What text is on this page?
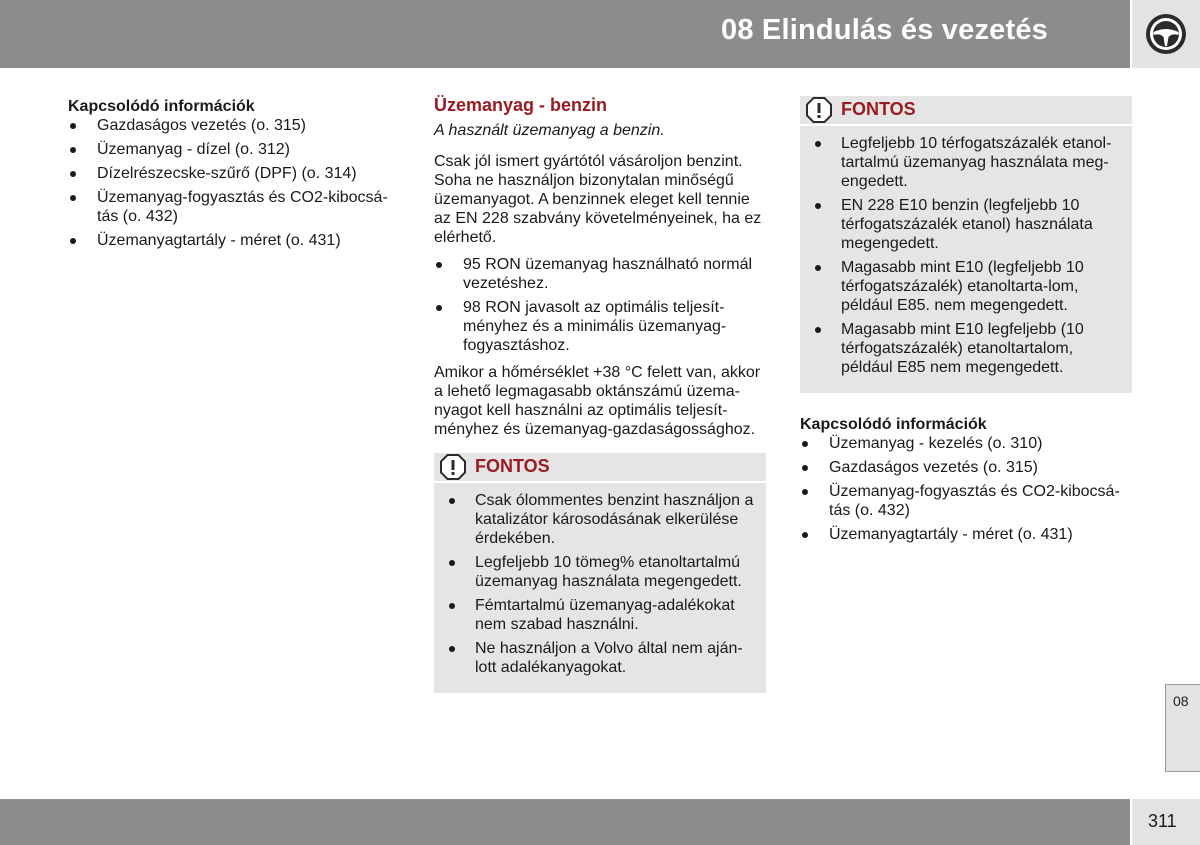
08 Elindulás és vezetés

Kapcsolódó információk

Gazdaságos vezetés (o. 315)
Üzemanyag - dízel (o. 312)
Dízelrészecske-szűrő (DPF) (o. 314)
Üzemanyag-fogyasztás és CO2-kibocsá-tás (o. 432)
Üzemanyagtartály - méret (o. 431)

Üzemanyag - benzin

A használt üzemanyag a benzin.

Csak jól ismert gyártótól vásároljon benzint. Soha ne használjon bizonytalan minőségű üzemanyagot. A benzinnek eleget kell tennie az EN 228 szabvány követelményeinek, ha ez elérhető.

95 RON üzemanyag használható normál vezetéshez.
98 RON javasolt az optimális teljesít-ményhez és a minimális üzemanyag-fogyasztáshoz.

Amikor a hőmérséklet +38 °C felett van, akkor a lehető legmagasabb oktánszámú üzema-nyagot kell használni az optimális teljesít-ményhez és üzemanyag-gazdaságossághoz.

FONTOS
Csak ólommentes benzint használjon a katalizátor károsodásának elkerülése érdekében.
Legfeljebb 10 tömeg% etanoltartalmú üzemanyag használata megengedett.
Fémtartalmú üzemanyag-adalékokat nem szabad használni.
Ne használjon a Volvo által nem aján-lott adalékanyagokat.
FONTOS
Legfeljebb 10 térfogatszázalék etanol-tartalmú üzemanyag használata meg-engedett.
EN 228 E10 benzin (legfeljebb 10 térfogatszázalék etanol) használata megengedett.
Magasabb mint E10 (legfeljebb 10 térfogatszázalék) etanoltarta-lom, például E85. nem megengedett.
Magasabb mint E10 legfeljebb (10 térfogatszázalék) etanoltartalom, például E85 nem megengedett.

Kapcsolódó információk

Üzemanyag - kezelés (o. 310)
Gazdaságos vezetés (o. 315)
Üzemanyag-fogyasztás és CO2-kibocsá-tás (o. 432)
Üzemanyagtartály - méret (o. 431)
08
311
